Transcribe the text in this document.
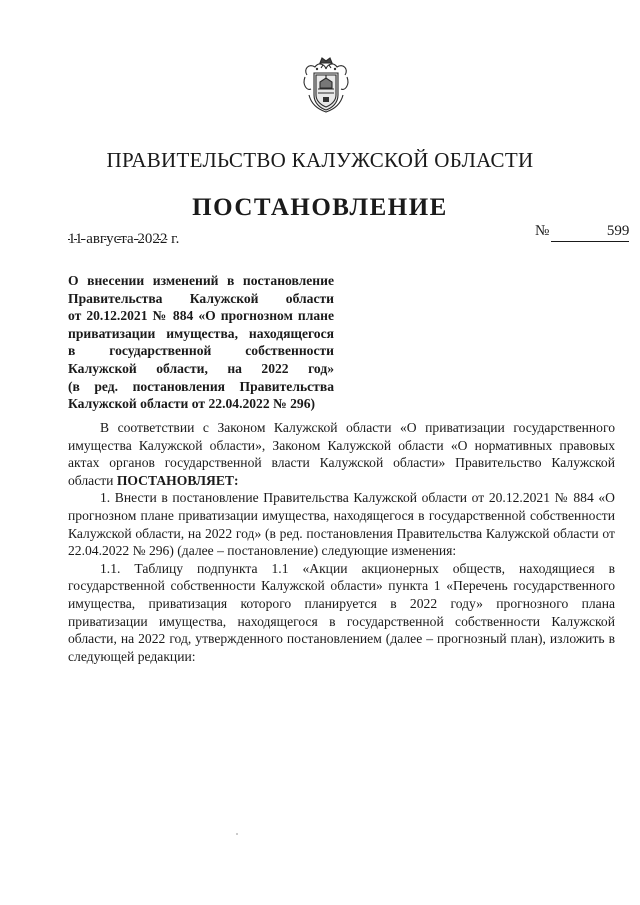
ПРАВИТЕЛЬСТВО КАЛУЖСКОЙ ОБЛАСТИ
ПОСТАНОВЛЕНИЕ
11 августа 2022 г.	№	599
О внесении изменений в постановление
Правительства Калужской области
от 20.12.2021 № 884 «О прогнозном плане
приватизации имущества, находящегося
в государственной собственности
Калужской области, на 2022 год»
(в ред. постановления Правительства
Калужской области от 22.04.2022 № 296)

В соответствии с Законом Калужской области «О приватизации государственного имущества Калужской области», Законом Калужской области «О нормативных правовых актах органов государственной власти Калужской области» Правительство Калужской области ПОСТАНОВЛЯЕТ:

1. Внести в постановление Правительства Калужской области от 20.12.2021 № 884 «О прогнозном плане приватизации имущества, находящегося в государственной собственности Калужской области, на 2022 год» (в ред. постановления Правительства Калужской области от 22.04.2022 № 296) (далее – постановление) следующие изменения:

1.1. Таблицу подпункта 1.1 «Акции акционерных обществ, находящиеся в государственной собственности Калужской области» пункта 1 «Перечень государственного имущества, приватизация которого планируется в 2022 году» прогнозного плана приватизации имущества, находящегося в государственной собственности Калужской области, на 2022 год, утвержденного постановлением (далее – прогнозный план), изложить в следующей редакции:
